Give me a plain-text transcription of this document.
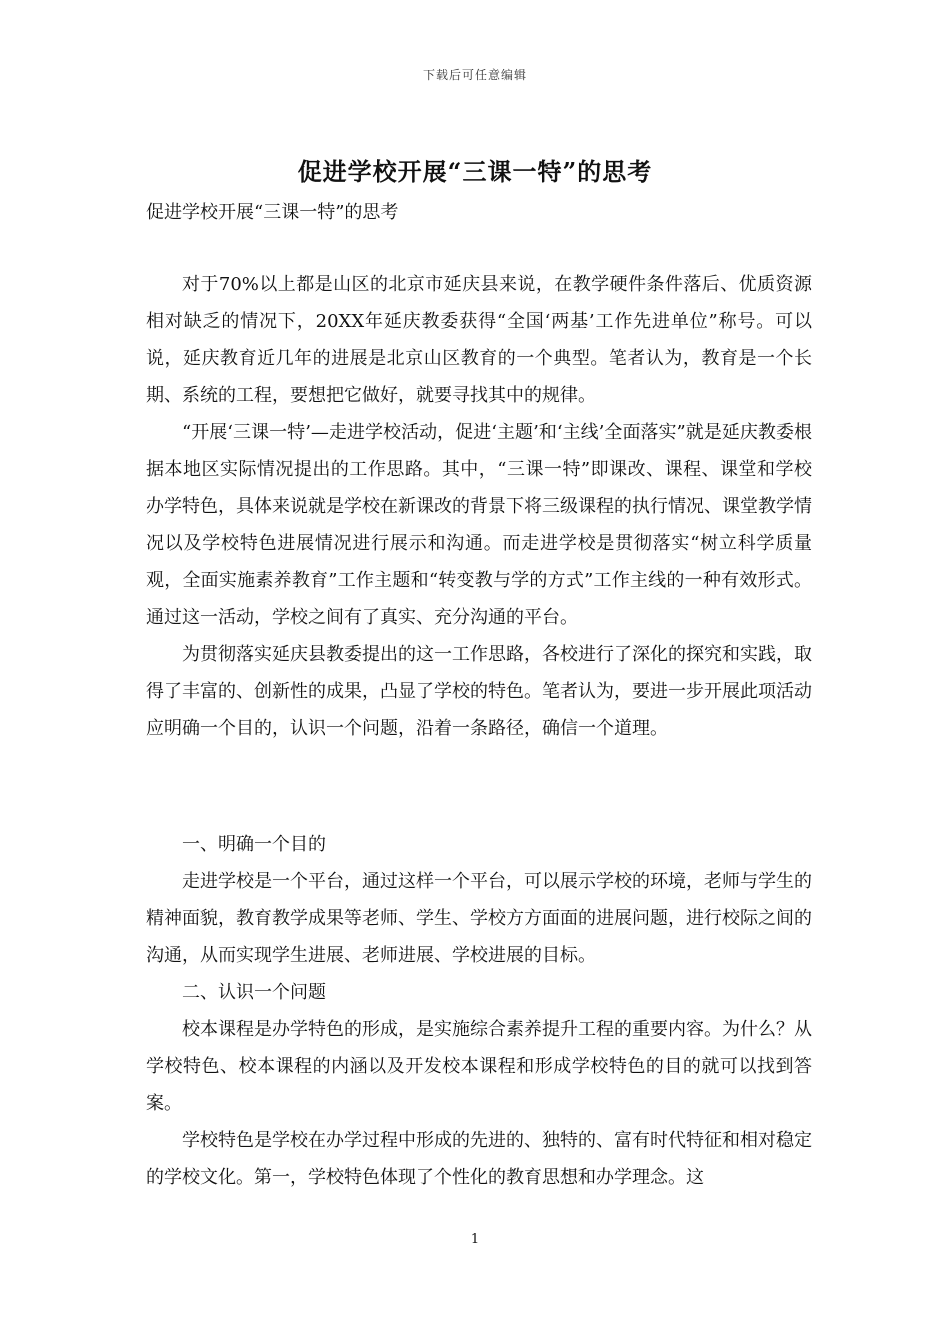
下载后可任意编辑
促进学校开展“三课一特”的思考
促进学校开展“三课一特”的思考

对于70%以上都是山区的北京市延庆县来说，在教学硬件条件落后、优质资源相对缺乏的情况下，20XX年延庆教委获得“全国‘两基’工作先进单位”称号。可以说，延庆教育近几年的进展是北京山区教育的一个典型。笔者认为，教育是一个长期、系统的工程，要想把它做好，就要寻找其中的规律。

“开展‘三课一特’—走进学校活动，促进‘主题’和‘主线’全面落实”就是延庆教委根据本地区实际情况提出的工作思路。其中，“三课一特”即课改、课程、课堂和学校办学特色，具体来说就是学校在新课改的背景下将三级课程的执行情况、课堂教学情况以及学校特色进展情况进行展示和沟通。而走进学校是贯彻落实“树立科学质量观，全面实施素养教育”工作主题和“转变教与学的方式”工作主线的一种有效形式。通过这一活动，学校之间有了真实、充分沟通的平台。

为贯彻落实延庆县教委提出的这一工作思路，各校进行了深化的探究和实践，取得了丰富的、创新性的成果，凸显了学校的特色。笔者认为，要进一步开展此项活动应明确一个目的，认识一个问题，沿着一条路径，确信一个道理。

一、明确一个目的

走进学校是一个平台，通过这样一个平台，可以展示学校的环境，老师与学生的精神面貌，教育教学成果等老师、学生、学校方方面面的进展问题，进行校际之间的沟通，从而实现学生进展、老师进展、学校进展的目标。

二、认识一个问题

校本课程是办学特色的形成，是实施综合素养提升工程的重要内容。为什么？从学校特色、校本课程的内涵以及开发校本课程和形成学校特色的目的就可以找到答案。

学校特色是学校在办学过程中形成的先进的、独特的、富有时代特征和相对稳定的学校文化。第一，学校特色体现了个性化的教育思想和办学理念。这

1
